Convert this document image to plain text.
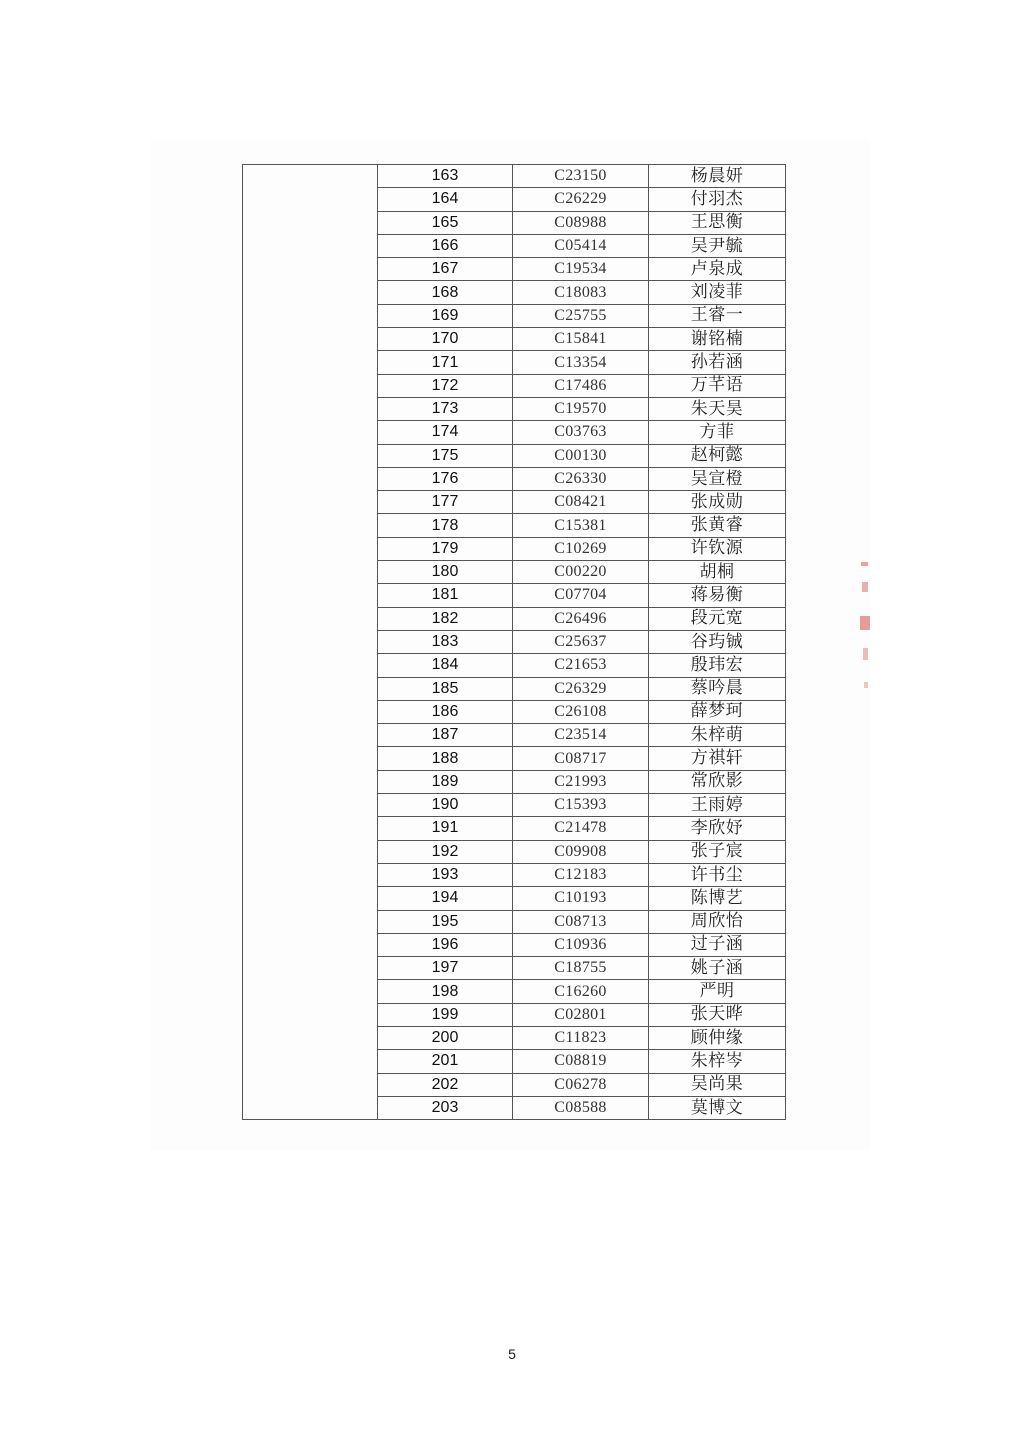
	163	C23150	杨晨妍
	164	C26229	付羽杰
	165	C08988	王思衡
	166	C05414	吴尹毓
	167	C19534	卢泉成
	168	C18083	刘凌菲
	169	C25755	王睿一
	170	C15841	谢铭楠
	171	C13354	孙若涵
	172	C17486	万芊语
	173	C19570	朱天昊
	174	C03763	方菲
	175	C00130	赵柯懿
	176	C26330	吴宣橙
	177	C08421	张成勋
	178	C15381	张黄睿
	179	C10269	许钦源
	180	C00220	胡桐
	181	C07704	蒋易衡
	182	C26496	段元宽
	183	C25637	谷玙铖
	184	C21653	殷玮宏
	185	C26329	蔡吟晨
	186	C26108	薛梦珂
	187	C23514	朱梓萌
	188	C08717	方祺轩
	189	C21993	常欣影
	190	C15393	王雨婷
	191	C21478	李欣妤
	192	C09908	张子宸
	193	C12183	许书尘
	194	C10193	陈博艺
	195	C08713	周欣怡
	196	C10936	过子涵
	197	C18755	姚子涵
	198	C16260	严明
	199	C02801	张天晔
	200	C11823	顾仲缘
	201	C08819	朱梓岑
	202	C06278	吴尚果
	203	C08588	莫博文
5
